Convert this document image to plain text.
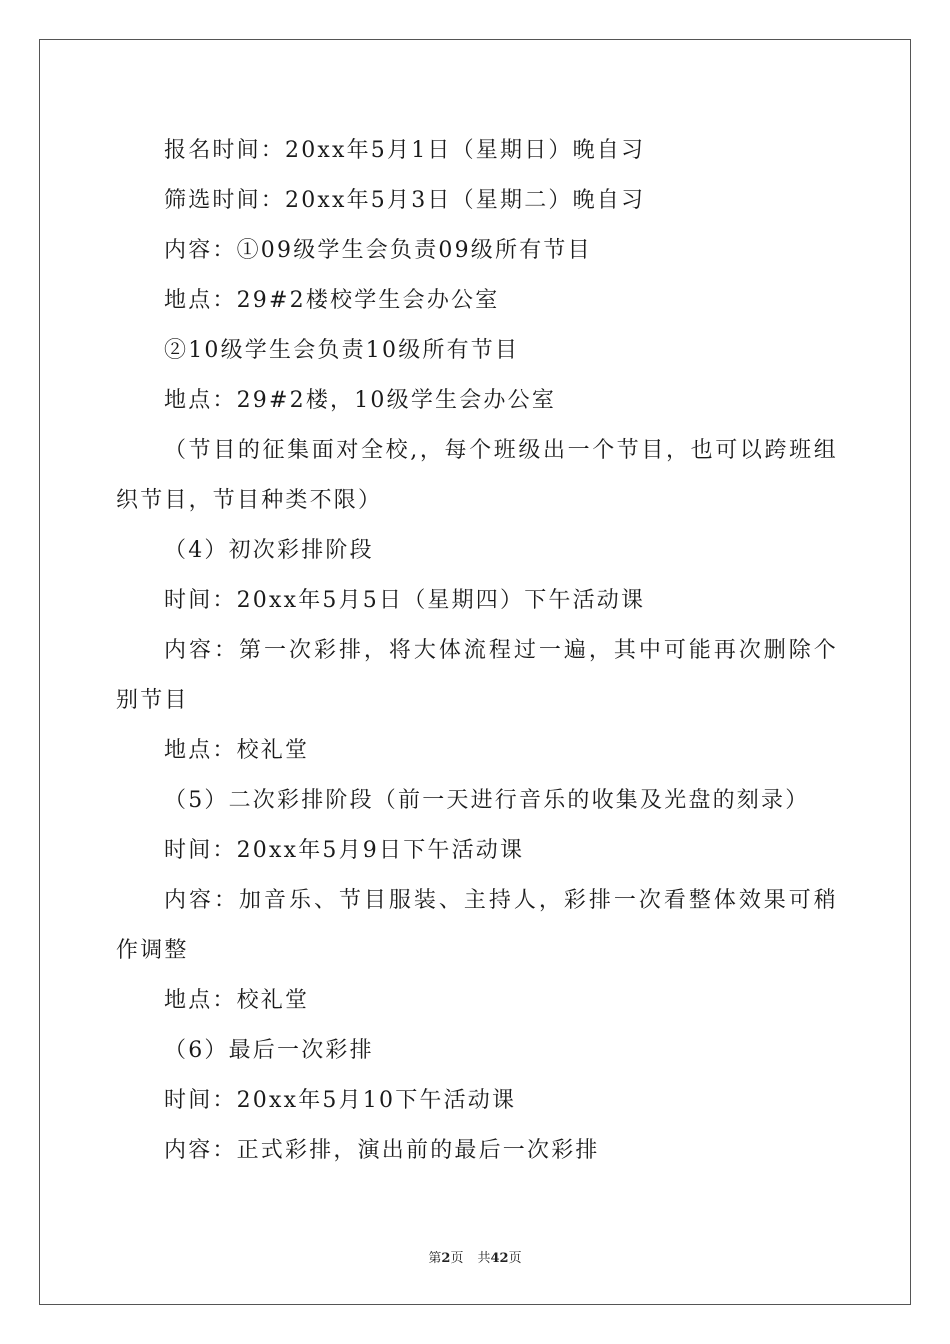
报名时间：20xx年5月1日（星期日）晚自习
筛选时间：20xx年5月3日（星期二）晚自习
内容：①09级学生会负责09级所有节目
地点：29#2楼校学生会办公室
②10级学生会负责10级所有节目
地点：29#2楼，10级学生会办公室
（节目的征集面对全校,，每个班级出一个节目，也可以跨班组织节目，节目种类不限）
（4）初次彩排阶段
时间：20xx年5月5日（星期四）下午活动课
内容：第一次彩排，将大体流程过一遍，其中可能再次删除个别节目
地点：校礼堂
（5）二次彩排阶段（前一天进行音乐的收集及光盘的刻录）
时间：20xx年5月9日下午活动课
内容：加音乐、节目服装、主持人，彩排一次看整体效果可稍作调整
地点：校礼堂
（6）最后一次彩排
时间：20xx年5月10下午活动课
内容：正式彩排，演出前的最后一次彩排
第2页 共42页
